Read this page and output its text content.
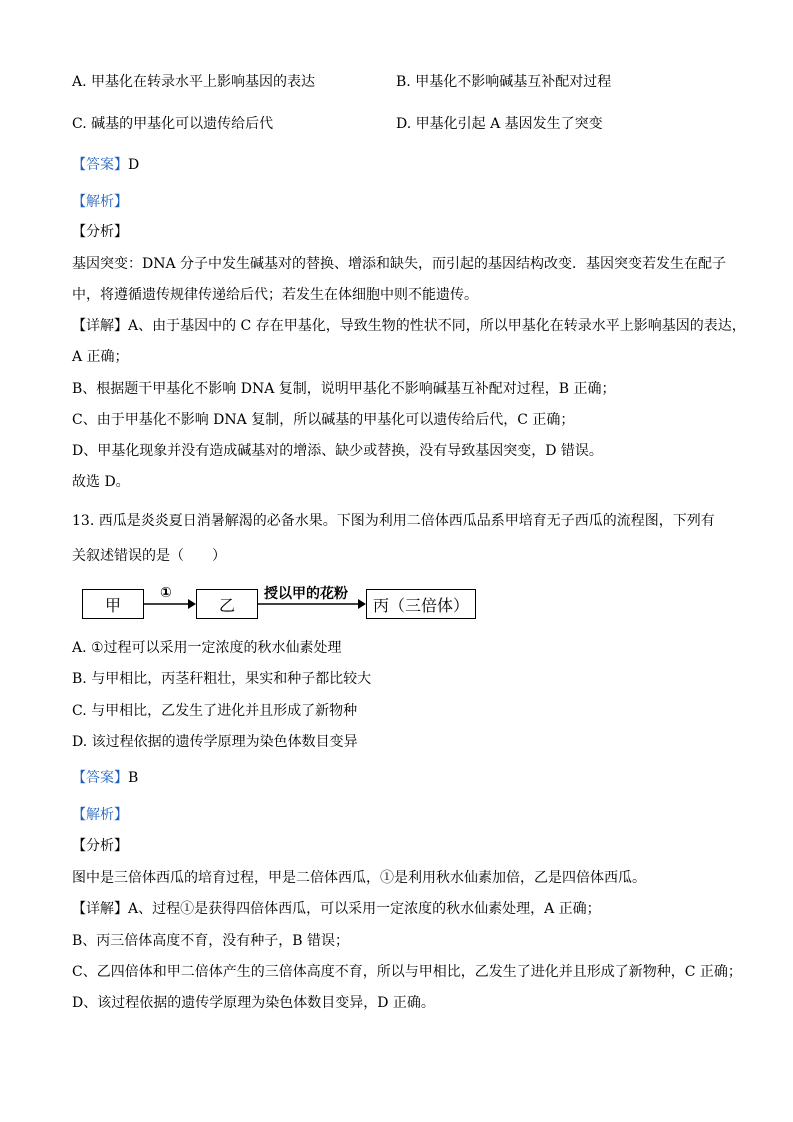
A. 甲基化在转录水平上影响基因的表达	B. 甲基化不影响碱基互补配对过程
C. 碱基的甲基化可以遗传给后代	D. 甲基化引起 A 基因发生了突变
【答案】D
【解析】
【分析】
基因突变：DNA 分子中发生碱基对的替换、增添和缺失，而引起的基因结构改变．基因突变若发生在配子
中，将遵循遗传规律传递给后代；若发生在体细胞中则不能遗传。
【详解】A、由于基因中的 C 存在甲基化，导致生物的性状不同，所以甲基化在转录水平上影响基因的表达，
A 正确；
B、根据题干甲基化不影响 DNA 复制，说明甲基化不影响碱基互补配对过程，B 正确；
C、由于甲基化不影响 DNA 复制，所以碱基的甲基化可以遗传给后代，C 正确；
D、甲基化现象并没有造成碱基对的增添、缺少或替换，没有导致基因突变，D 错误。
故选 D。
13. 西瓜是炎炎夏日消暑解渴的必备水果。下图为利用二倍体西瓜品系甲培育无子西瓜的流程图，下列有
关叙述错误的是（　　）
甲
①
乙
授以甲的花粉
丙（三倍体）
A. ①过程可以采用一定浓度的秋水仙素处理
B. 与甲相比，丙茎秆粗壮，果实和种子都比较大
C. 与甲相比，乙发生了进化并且形成了新物种
D. 该过程依据的遗传学原理为染色体数目变异
【答案】B
【解析】
【分析】
图中是三倍体西瓜的培育过程，甲是二倍体西瓜，①是利用秋水仙素加倍，乙是四倍体西瓜。
【详解】A、过程①是获得四倍体西瓜，可以采用一定浓度的秋水仙素处理，A 正确；
B、丙三倍体高度不育，没有种子，B 错误；
C、乙四倍体和甲二倍体产生的三倍体高度不育，所以与甲相比，乙发生了进化并且形成了新物种，C 正确；
D、该过程依据的遗传学原理为染色体数目变异，D 正确。
